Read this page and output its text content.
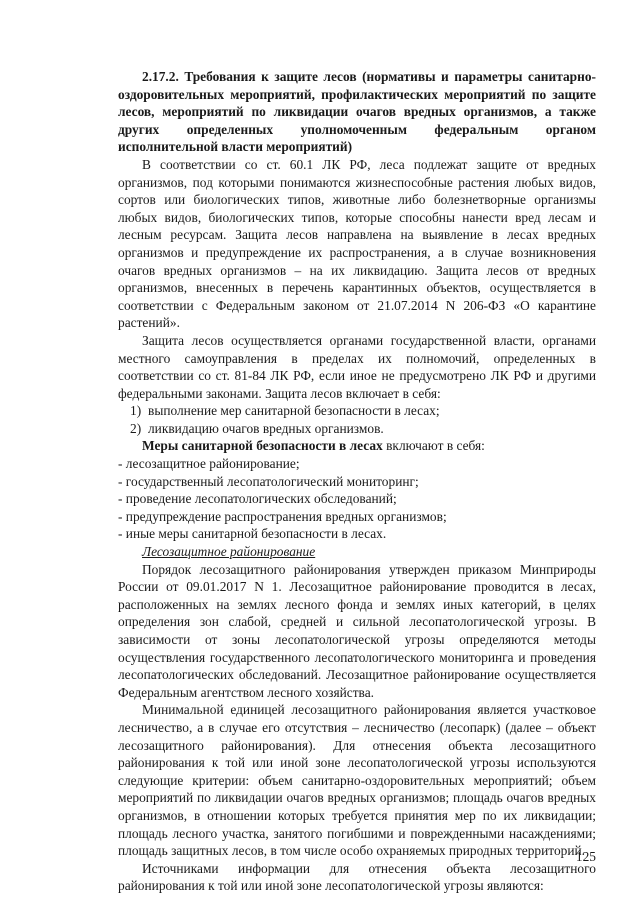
2.17.2. Требования к защите лесов (нормативы и параметры санитарно-оздоровительных мероприятий, профилактических мероприятий по защите лесов, мероприятий по ликвидации очагов вредных организмов, а также других определенных уполномоченным федеральным органом исполнительной власти мероприятий)

В соответствии со ст. 60.1 ЛК РФ, леса подлежат защите от вредных организмов, под которыми понимаются жизнеспособные растения любых видов, сортов или биологических типов, животные либо болезнетворные организмы любых видов, биологических типов, которые способны нанести вред лесам и лесным ресурсам. Защита лесов направлена на выявление в лесах вредных организмов и предупреждение их распространения, а в случае возникновения очагов вредных организмов – на их ликвидацию. Защита лесов от вредных организмов, внесенных в перечень карантинных объектов, осуществляется в соответствии с Федеральным законом от 21.07.2014 N 206-ФЗ «О карантине растений».

Защита лесов осуществляется органами государственной власти, органами местного самоуправления в пределах их полномочий, определенных в соответствии со ст. 81-84 ЛК РФ, если иное не предусмотрено ЛК РФ и другими федеральными законами. Защита лесов включает в себя:

1) выполнение мер санитарной безопасности в лесах;
2) ликвидацию очагов вредных организмов.

Меры санитарной безопасности в лесах включают в себя:

- лесозащитное районирование;
- государственный лесопатологический мониторинг;
- проведение лесопатологических обследований;
- предупреждение распространения вредных организмов;
- иные меры санитарной безопасности в лесах.

Лесозащитное районирование

Порядок лесозащитного районирования утвержден приказом Минприроды России от 09.01.2017 N 1. Лесозащитное районирование проводится в лесах, расположенных на землях лесного фонда и землях иных категорий, в целях определения зон слабой, средней и сильной лесопатологической угрозы. В зависимости от зоны лесопатологической угрозы определяются методы осуществления государственного лесопатологического мониторинга и проведения лесопатологических обследований. Лесозащитное районирование осуществляется Федеральным агентством лесного хозяйства.

Минимальной единицей лесозащитного районирования является участковое лесничество, а в случае его отсутствия – лесничество (лесопарк) (далее – объект лесозащитного районирования). Для отнесения объекта лесозащитного районирования к той или иной зоне лесопатологической угрозы используются следующие критерии: объем санитарно-оздоровительных мероприятий; объем мероприятий по ликвидации очагов вредных организмов; площадь очагов вредных организмов, в отношении которых требуется принятия мер по их ликвидации; площадь лесного участка, занятого погибшими и поврежденными насаждениями; площадь защитных лесов, в том числе особо охраняемых природных территорий.

Источниками информации для отнесения объекта лесозащитного районирования к той или иной зоне лесопатологической угрозы являются:

125
